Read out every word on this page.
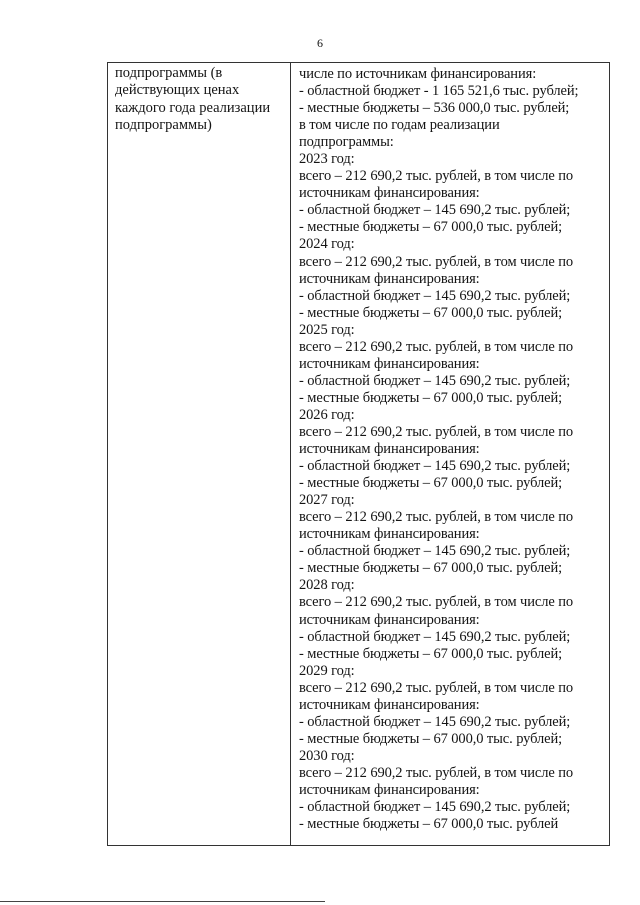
6
подпрограммы (в
действующих ценах
каждого года реализации
подпрограммы)
числе по источникам финансирования:
- областной бюджет - 1 165 521,6 тыс. рублей;
- местные бюджеты – 536 000,0 тыс. рублей;
в том числе по годам реализации
подпрограммы:
2023 год:
всего – 212 690,2 тыс. рублей, в том числе по
источникам финансирования:
- областной бюджет – 145 690,2 тыс. рублей;
- местные бюджеты – 67 000,0 тыс. рублей;
2024 год:
всего – 212 690,2 тыс. рублей, в том числе по
источникам финансирования:
- областной бюджет – 145 690,2 тыс. рублей;
- местные бюджеты – 67 000,0 тыс. рублей;
2025 год:
всего – 212 690,2 тыс. рублей, в том числе по
источникам финансирования:
- областной бюджет – 145 690,2 тыс. рублей;
- местные бюджеты – 67 000,0 тыс. рублей;
2026 год:
всего – 212 690,2 тыс. рублей, в том числе по
источникам финансирования:
- областной бюджет – 145 690,2 тыс. рублей;
- местные бюджеты – 67 000,0 тыс. рублей;
2027 год:
всего – 212 690,2 тыс. рублей, в том числе по
источникам финансирования:
- областной бюджет – 145 690,2 тыс. рублей;
- местные бюджеты – 67 000,0 тыс. рублей;
2028 год:
всего – 212 690,2 тыс. рублей, в том числе по
источникам финансирования:
- областной бюджет – 145 690,2 тыс. рублей;
- местные бюджеты – 67 000,0 тыс. рублей;
2029 год:
всего – 212 690,2 тыс. рублей, в том числе по
источникам финансирования:
- областной бюджет – 145 690,2 тыс. рублей;
- местные бюджеты – 67 000,0 тыс. рублей;
2030 год:
всего – 212 690,2 тыс. рублей, в том числе по
источникам финансирования:
- областной бюджет – 145 690,2 тыс. рублей;
- местные бюджеты – 67 000,0 тыс. рублей
